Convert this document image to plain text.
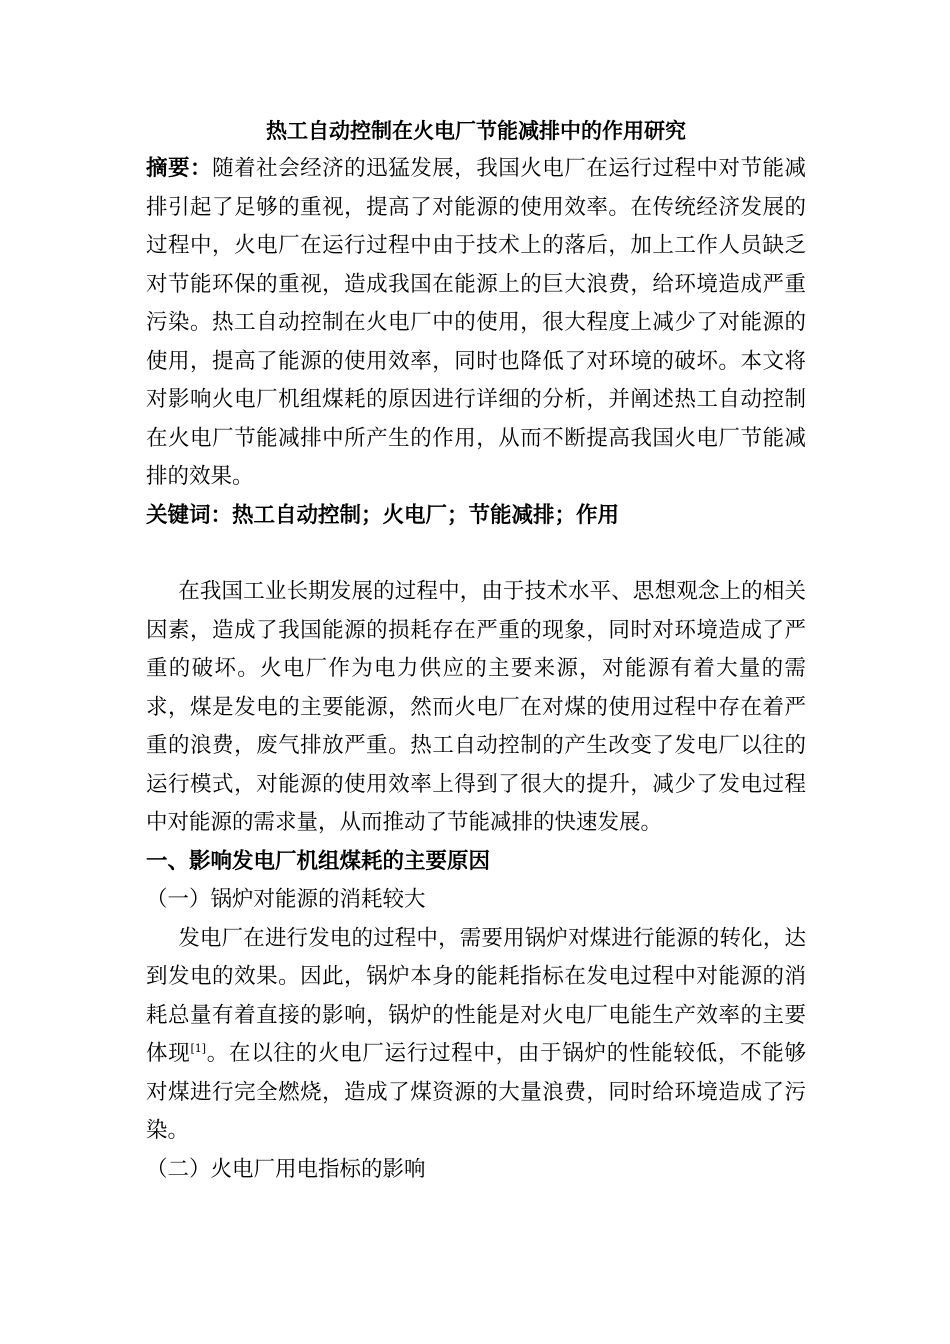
热工自动控制在火电厂节能减排中的作用研究

摘要：随着社会经济的迅猛发展，我国火电厂在运行过程中对节能减排引起了足够的重视，提高了对能源的使用效率。在传统经济发展的过程中，火电厂在运行过程中由于技术上的落后，加上工作人员缺乏对节能环保的重视，造成我国在能源上的巨大浪费，给环境造成严重污染。热工自动控制在火电厂中的使用，很大程度上减少了对能源的使用，提高了能源的使用效率，同时也降低了对环境的破坏。本文将对影响火电厂机组煤耗的原因进行详细的分析，并阐述热工自动控制在火电厂节能减排中所产生的作用，从而不断提高我国火电厂节能减排的效果。

关键词：热工自动控制；火电厂；节能减排；作用

在我国工业长期发展的过程中，由于技术水平、思想观念上的相关因素，造成了我国能源的损耗存在严重的现象，同时对环境造成了严重的破坏。火电厂作为电力供应的主要来源，对能源有着大量的需求，煤是发电的主要能源，然而火电厂在对煤的使用过程中存在着严重的浪费，废气排放严重。热工自动控制的产生改变了发电厂以往的运行模式，对能源的使用效率上得到了很大的提升，减少了发电过程中对能源的需求量，从而推动了节能减排的快速发展。

一、影响发电厂机组煤耗的主要原因

（一）锅炉对能源的消耗较大

发电厂在进行发电的过程中，需要用锅炉对煤进行能源的转化，达到发电的效果。因此，锅炉本身的能耗指标在发电过程中对能源的消耗总量有着直接的影响，锅炉的性能是对火电厂电能生产效率的主要体现[1]。在以往的火电厂运行过程中，由于锅炉的性能较低，不能够对煤进行完全燃烧，造成了煤资源的大量浪费，同时给环境造成了污染。

（二）火电厂用电指标的影响
